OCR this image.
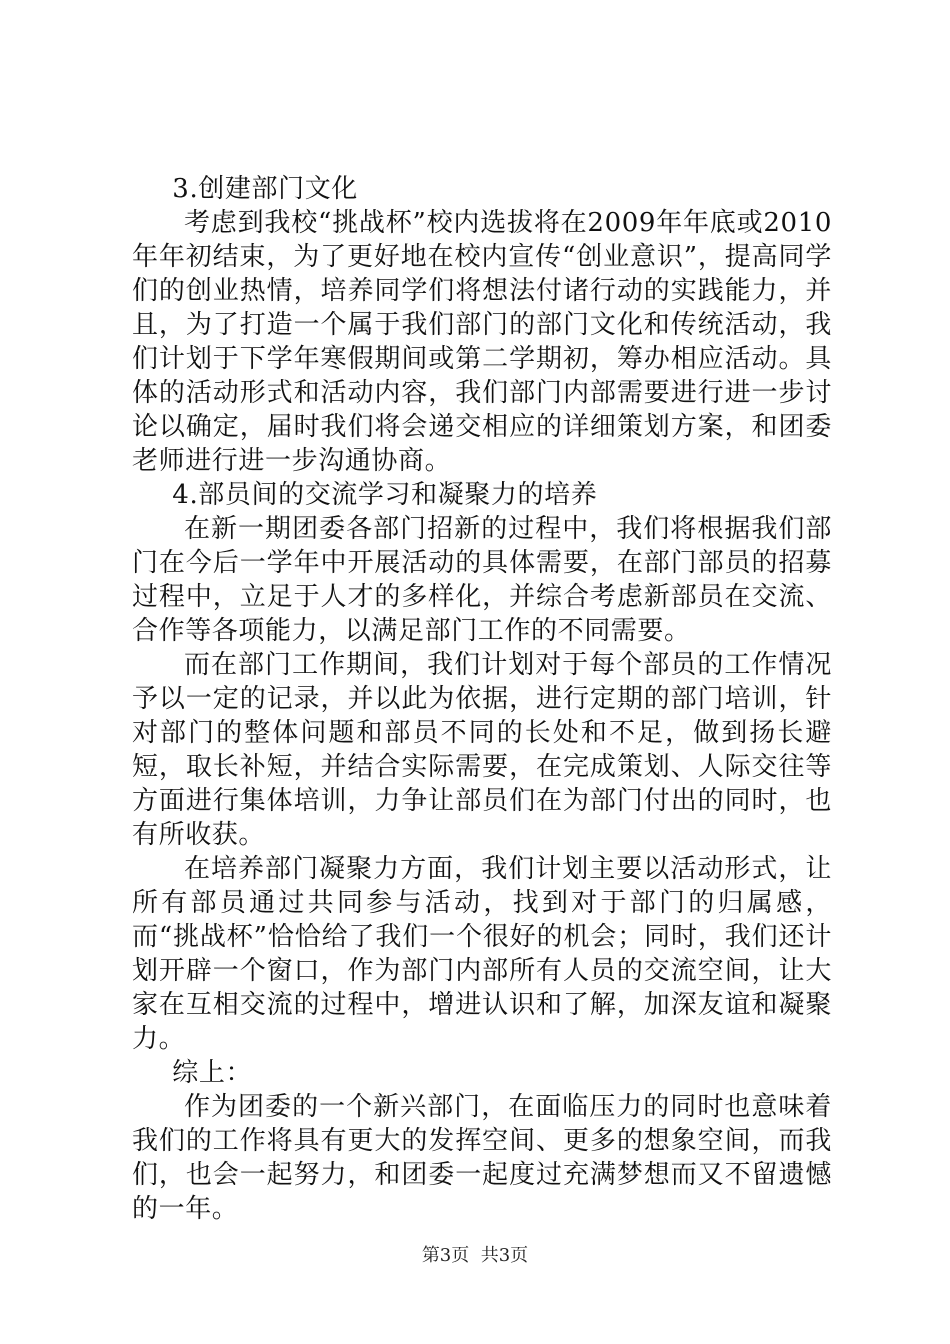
3.创建部门文化

考虑到我校“挑战杯”校内选拔将在2009年年底或2010年年初结束，为了更好地在校内宣传“创业意识”，提高同学们的创业热情，培养同学们将想法付诸行动的实践能力，并且，为了打造一个属于我们部门的部门文化和传统活动，我们计划于下学年寒假期间或第二学期初，筹办相应活动。具体的活动形式和活动内容，我们部门内部需要进行进一步讨论以确定，届时我们将会递交相应的详细策划方案，和团委老师进行进一步沟通协商。

4.部员间的交流学习和凝聚力的培养

在新一期团委各部门招新的过程中，我们将根据我们部门在今后一学年中开展活动的具体需要，在部门部员的招募过程中，立足于人才的多样化，并综合考虑新部员在交流、合作等各项能力，以满足部门工作的不同需要。

而在部门工作期间，我们计划对于每个部员的工作情况予以一定的记录，并以此为依据，进行定期的部门培训，针对部门的整体问题和部员不同的长处和不足，做到扬长避短，取长补短，并结合实际需要，在完成策划、人际交往等方面进行集体培训，力争让部员们在为部门付出的同时，也有所收获。

在培养部门凝聚力方面，我们计划主要以活动形式，让所有部员通过共同参与活动，找到对于部门的归属感，而“挑战杯”恰恰给了我们一个很好的机会；同时，我们还计划开辟一个窗口，作为部门内部所有人员的交流空间，让大家在互相交流的过程中，增进认识和了解，加深友谊和凝聚力。

综上：

作为团委的一个新兴部门，在面临压力的同时也意味着我们的工作将具有更大的发挥空间、更多的想象空间，而我们，也会一起努力，和团委一起度过充满梦想而又不留遗憾的一年。

第3页 共3页
